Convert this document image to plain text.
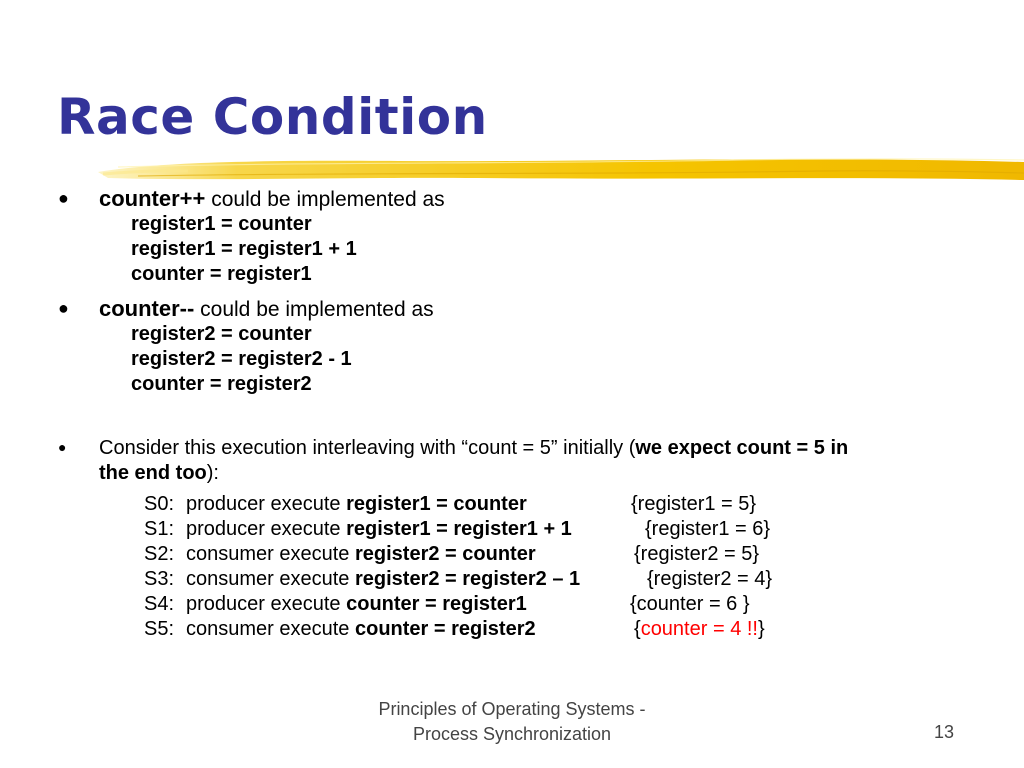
Race Condition
● counter++ could be implemented as
register1 = counter
register1 = register1 + 1
counter = register1
● counter-- could be implemented as
register2 = counter
register2 = register2 - 1
counter = register2
● Consider this execution interleaving with “count = 5” initially (we expect count = 5 in
the end too):
S0: producer execute register1 = counter	{register1 = 5}
S1: producer execute register1 = register1 + 1	{register1 = 6}
S2: consumer execute register2 = counter	{register2 = 5}
S3: consumer execute register2 = register2 – 1	{register2 = 4}
S4: producer execute counter = register1	{counter = 6 }
S5: consumer execute counter = register2	{counter = 4 !!}
Principles of Operating Systems -
Process Synchronization	13
